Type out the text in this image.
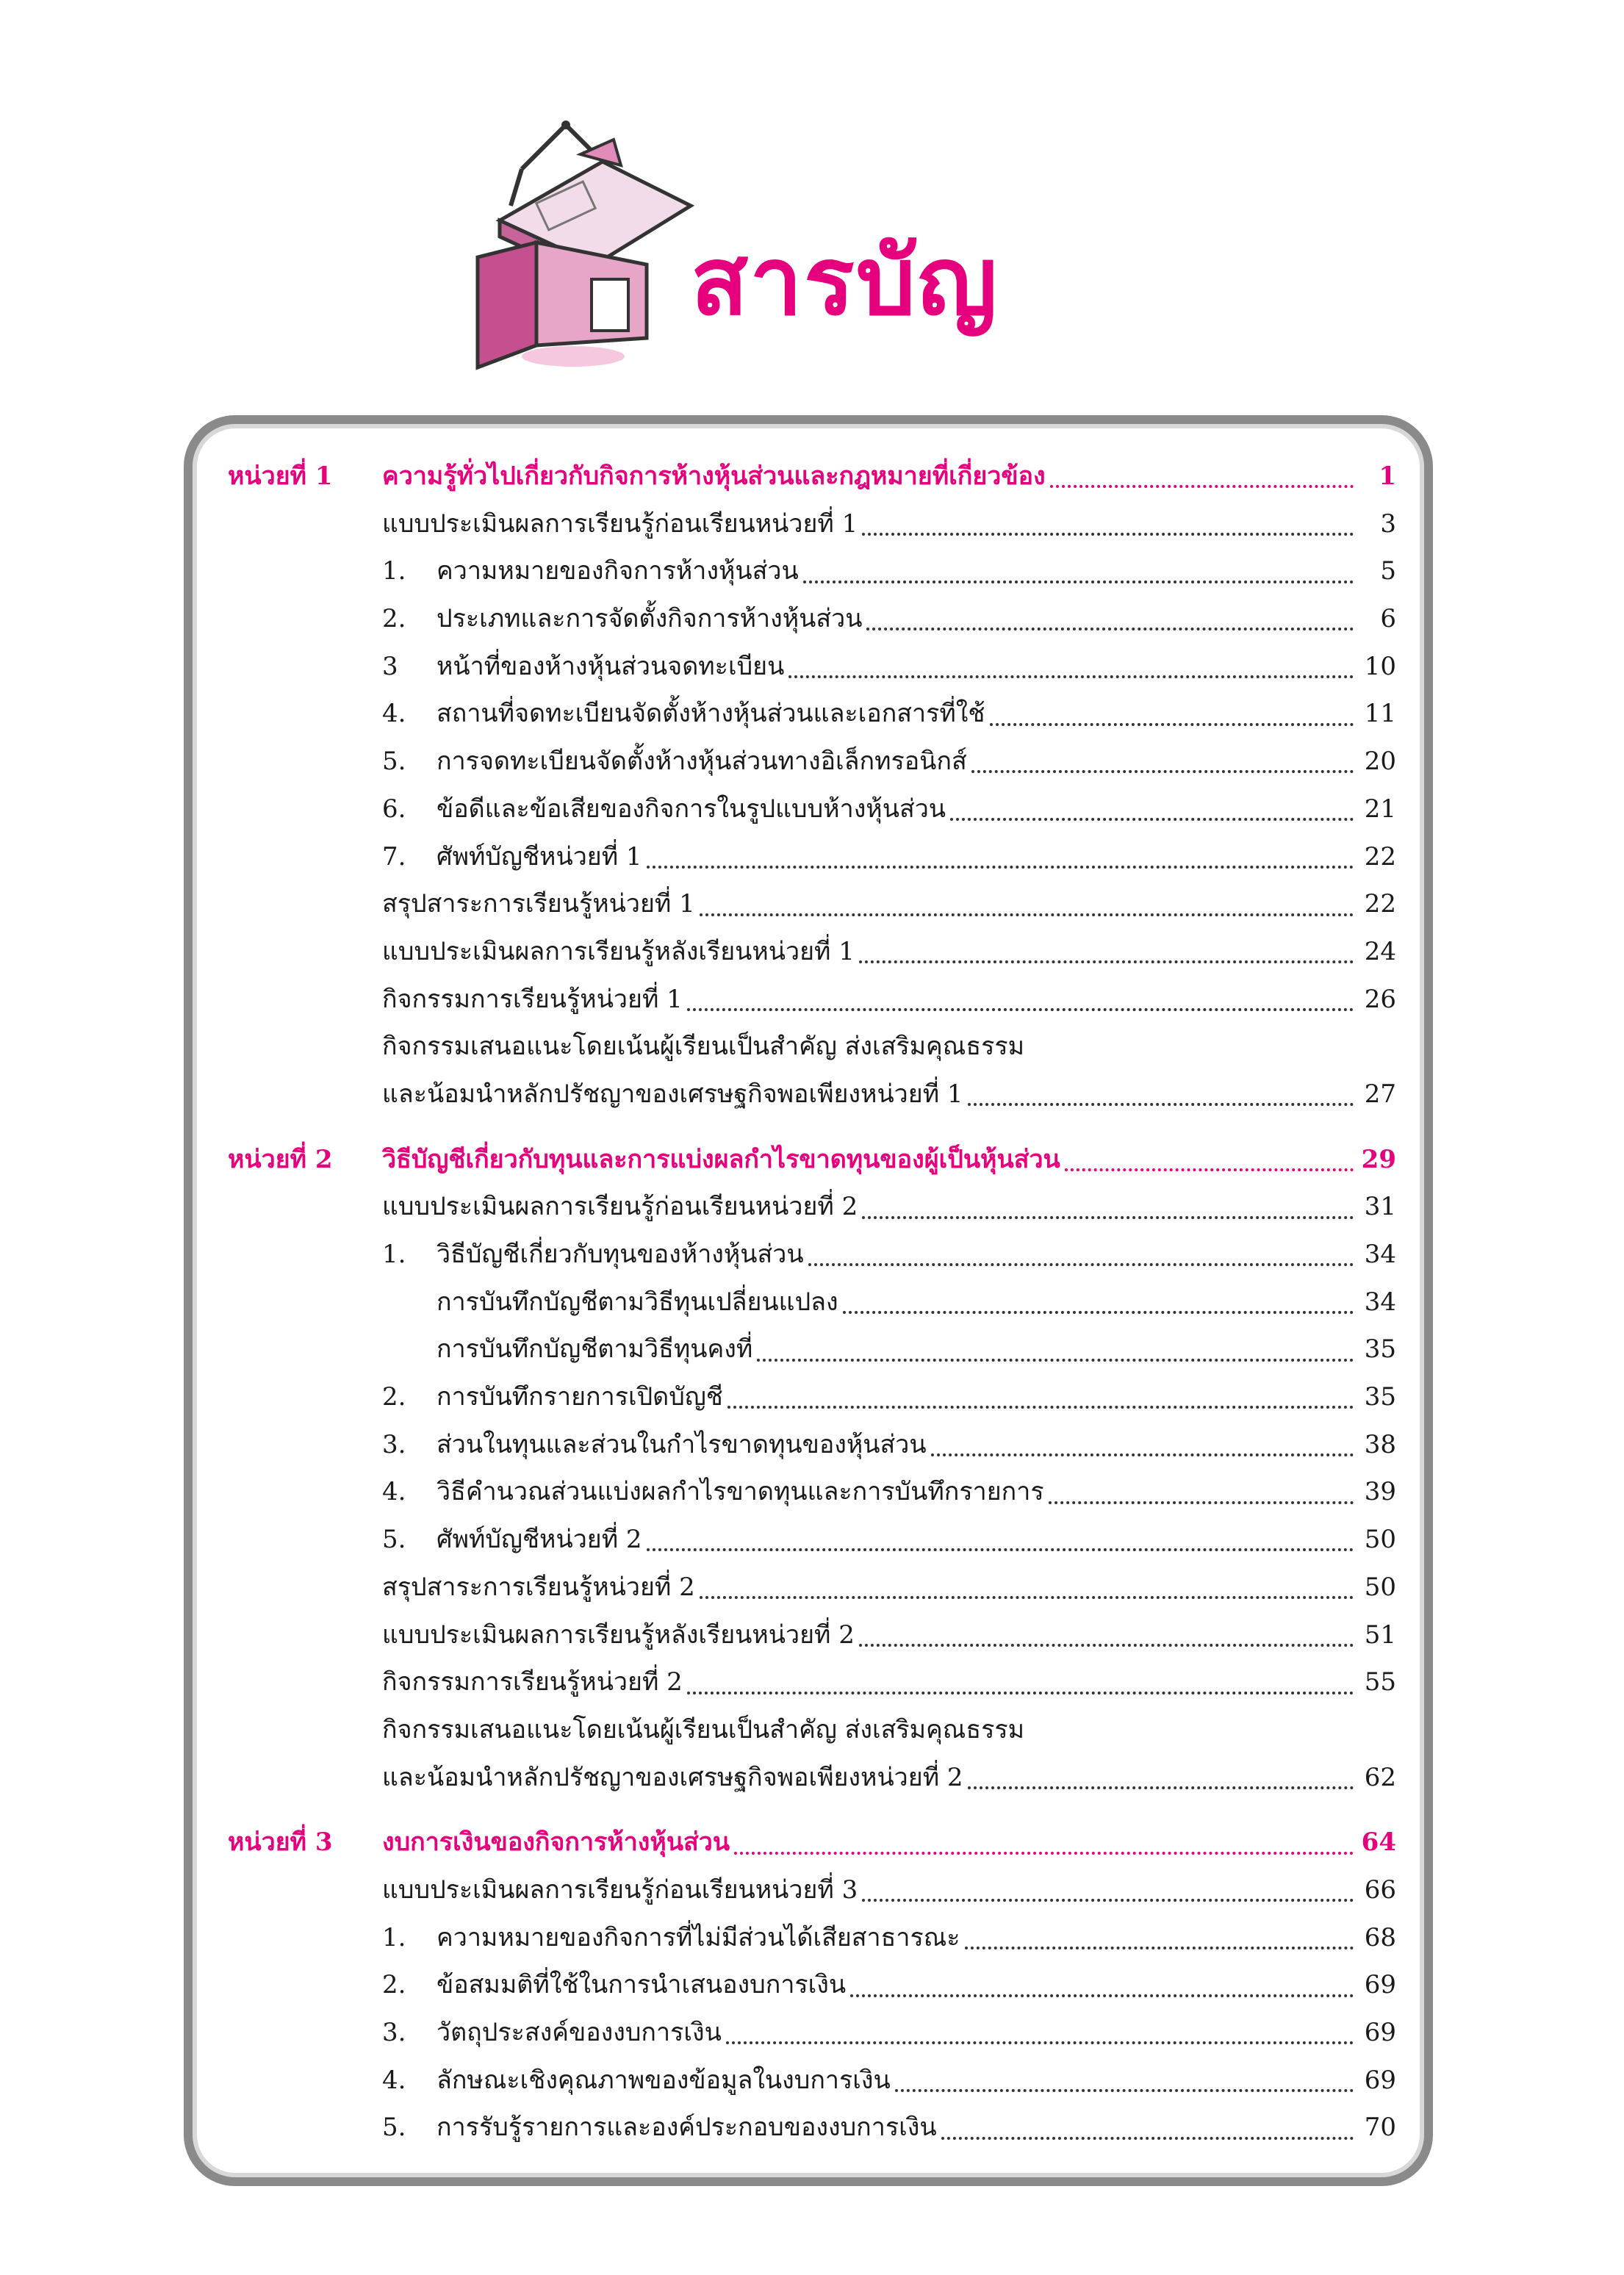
สารบัญ
หน่วยที่ 1	ความรู้ทั่วไปเกี่ยวกับกิจการห้างหุ้นส่วนและกฎหมายที่เกี่ยวข้อง	1
แบบประเมินผลการเรียนรู้ก่อนเรียนหน่วยที่ 1	3
1.	ความหมายของกิจการห้างหุ้นส่วน	5
2.	ประเภทและการจัดตั้งกิจการห้างหุ้นส่วน	6
3	หน้าที่ของห้างหุ้นส่วนจดทะเบียน	10
4.	สถานที่จดทะเบียนจัดตั้งห้างหุ้นส่วนและเอกสารที่ใช้	11
5.	การจดทะเบียนจัดตั้งห้างหุ้นส่วนทางอิเล็กทรอนิกส์	20
6.	ข้อดีและข้อเสียของกิจการในรูปแบบห้างหุ้นส่วน	21
7.	ศัพท์บัญชีหน่วยที่ 1	22
สรุปสาระการเรียนรู้หน่วยที่ 1	22
แบบประเมินผลการเรียนรู้หลังเรียนหน่วยที่ 1	24
กิจกรรมการเรียนรู้หน่วยที่ 1	26
กิจกรรมเสนอแนะโดยเน้นผู้เรียนเป็นสำคัญ ส่งเสริมคุณธรรม
และน้อมนำหลักปรัชญาของเศรษฐกิจพอเพียงหน่วยที่ 1	27
หน่วยที่ 2	วิธีบัญชีเกี่ยวกับทุนและการแบ่งผลกำไรขาดทุนของผู้เป็นหุ้นส่วน	29
แบบประเมินผลการเรียนรู้ก่อนเรียนหน่วยที่ 2	31
1.	วิธีบัญชีเกี่ยวกับทุนของห้างหุ้นส่วน	34
การบันทึกบัญชีตามวิธีทุนเปลี่ยนแปลง	34
การบันทึกบัญชีตามวิธีทุนคงที่	35
2.	การบันทึกรายการเปิดบัญชี	35
3.	ส่วนในทุนและส่วนในกำไรขาดทุนของหุ้นส่วน	38
4.	วิธีคำนวณส่วนแบ่งผลกำไรขาดทุนและการบันทึกรายการ	39
5.	ศัพท์บัญชีหน่วยที่ 2	50
สรุปสาระการเรียนรู้หน่วยที่ 2	50
แบบประเมินผลการเรียนรู้หลังเรียนหน่วยที่ 2	51
กิจกรรมการเรียนรู้หน่วยที่ 2	55
กิจกรรมเสนอแนะโดยเน้นผู้เรียนเป็นสำคัญ ส่งเสริมคุณธรรม
และน้อมนำหลักปรัชญาของเศรษฐกิจพอเพียงหน่วยที่ 2	62
หน่วยที่ 3	งบการเงินของกิจการห้างหุ้นส่วน	64
แบบประเมินผลการเรียนรู้ก่อนเรียนหน่วยที่ 3	66
1.	ความหมายของกิจการที่ไม่มีส่วนได้เสียสาธารณะ	68
2.	ข้อสมมติที่ใช้ในการนำเสนองบการเงิน	69
3.	วัตถุประสงค์ของงบการเงิน	69
4.	ลักษณะเชิงคุณภาพของข้อมูลในงบการเงิน	69
5.	การรับรู้รายการและองค์ประกอบของงบการเงิน	70
